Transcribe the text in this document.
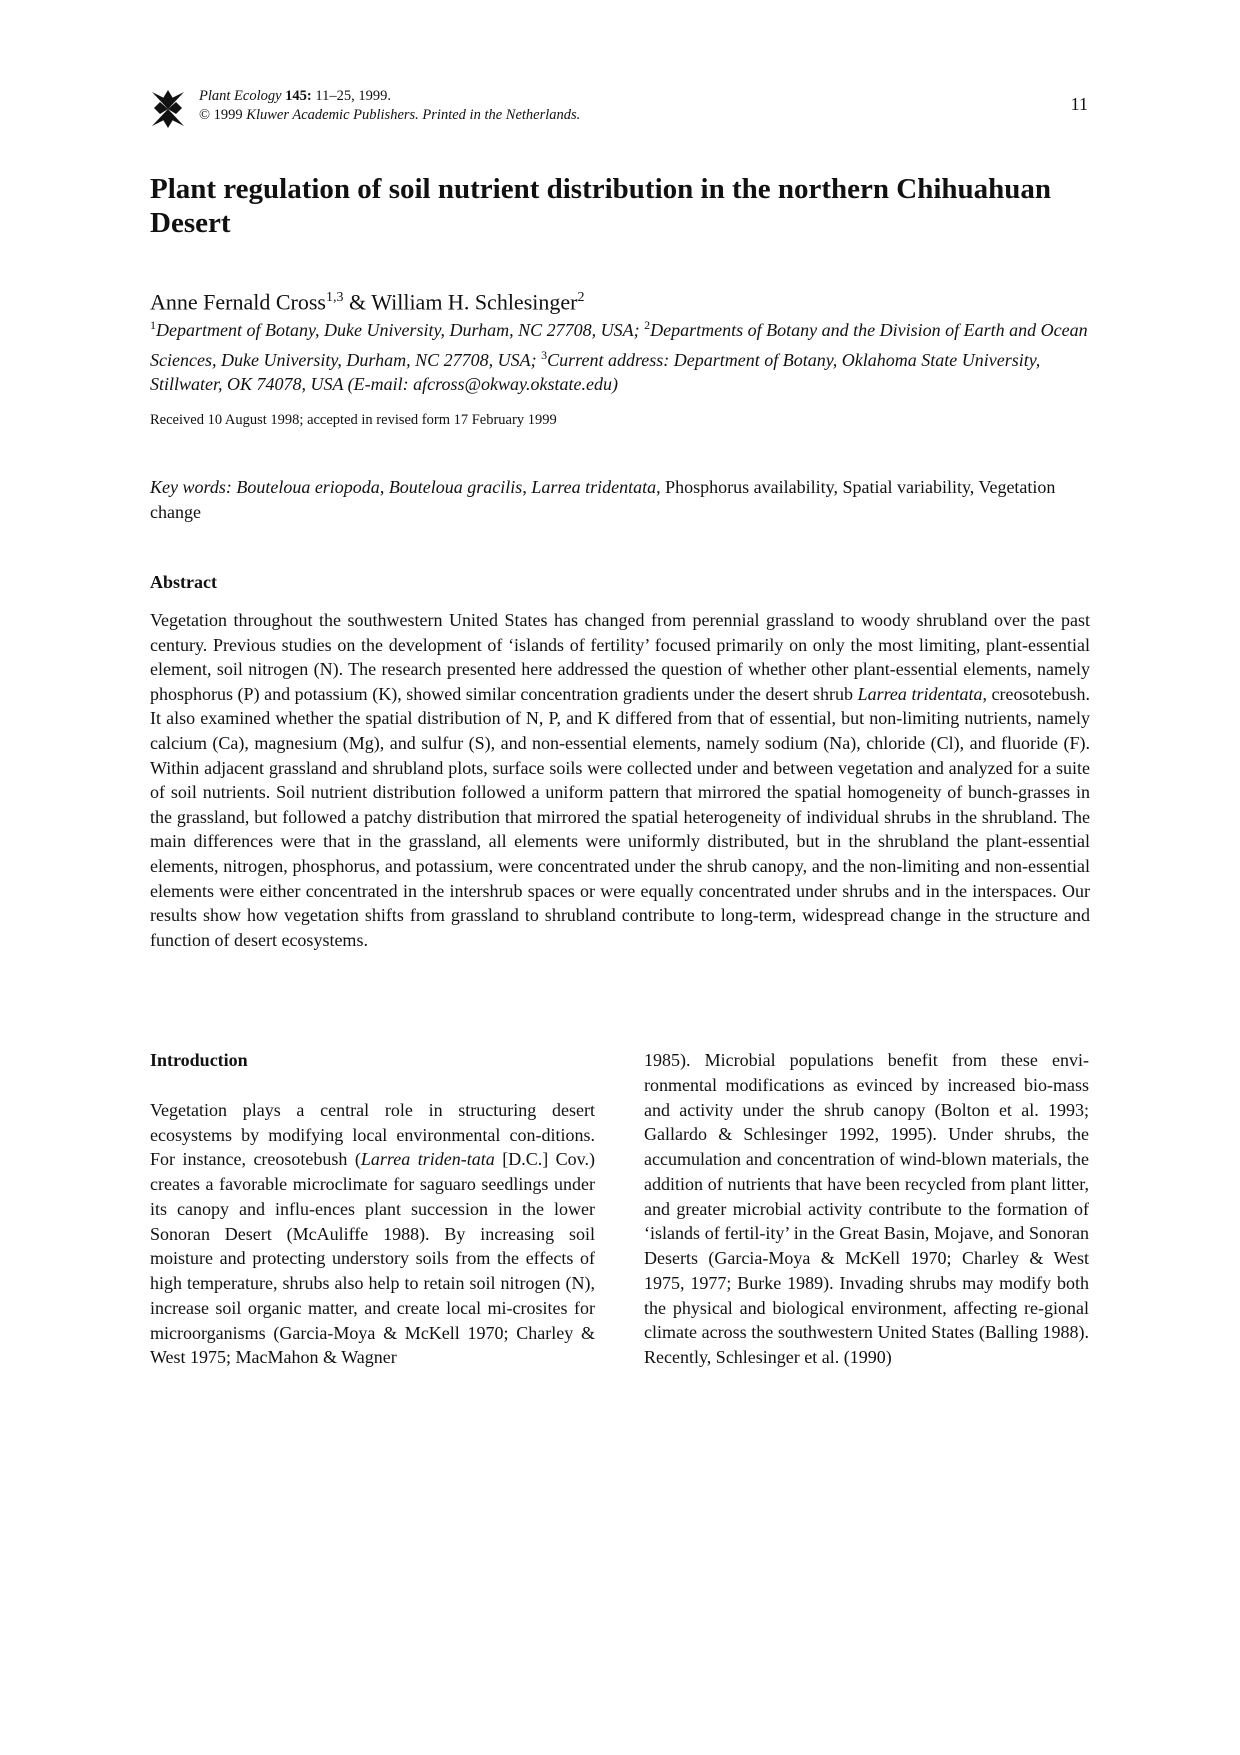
Plant Ecology 145: 11–25, 1999.
© 1999 Kluwer Academic Publishers. Printed in the Netherlands.
11
Plant regulation of soil nutrient distribution in the northern Chihuahuan Desert
Anne Fernald Cross$^{1,3}$ & William H. Schlesinger$^2$
$^1$Department of Botany, Duke University, Durham, NC 27708, USA; $^2$Departments of Botany and the Division of Earth and Ocean Sciences, Duke University, Durham, NC 27708, USA; $^3$Current address: Department of Botany, Oklahoma State University, Stillwater, OK 74078, USA (E-mail: afcross@okway.okstate.edu)
Received 10 August 1998; accepted in revised form 17 February 1999
Key words: Bouteloua eriopoda, Bouteloua gracilis, Larrea tridentata, Phosphorus availability, Spatial variability, Vegetation change
Abstract

Vegetation throughout the southwestern United States has changed from perennial grassland to woody shrubland over the past century. Previous studies on the development of ‘islands of fertility’ focused primarily on only the most limiting, plant-essential element, soil nitrogen (N). The research presented here addressed the question of whether other plant-essential elements, namely phosphorus (P) and potassium (K), showed similar concentration gradients under the desert shrub Larrea tridentata, creosotebush. It also examined whether the spatial distribution of N, P, and K differed from that of essential, but non-limiting nutrients, namely calcium (Ca), magnesium (Mg), and sulfur (S), and non-essential elements, namely sodium (Na), chloride (Cl), and fluoride (F). Within adjacent grassland and shrubland plots, surface soils were collected under and between vegetation and analyzed for a suite of soil nutrients. Soil nutrient distribution followed a uniform pattern that mirrored the spatial homogeneity of bunch-grasses in the grassland, but followed a patchy distribution that mirrored the spatial heterogeneity of individual shrubs in the shrubland. The main differences were that in the grassland, all elements were uniformly distributed, but in the shrubland the plant-essential elements, nitrogen, phosphorus, and potassium, were concentrated under the shrub canopy, and the non-limiting and non-essential elements were either concentrated in the intershrub spaces or were equally concentrated under shrubs and in the interspaces. Our results show how vegetation shifts from grassland to shrubland contribute to long-term, widespread change in the structure and function of desert ecosystems.

Introduction

Vegetation plays a central role in structuring desert ecosystems by modifying local environmental con-ditions. For instance, creosotebush (Larrea triden-tata [D.C.] Cov.) creates a favorable microclimate for saguaro seedlings under its canopy and influ-ences plant succession in the lower Sonoran Desert (McAuliffe 1988). By increasing soil moisture and protecting understory soils from the effects of high temperature, shrubs also help to retain soil nitrogen (N), increase soil organic matter, and create local mi-crosites for microorganisms (Garcia-Moya & McKell 1970; Charley & West 1975; MacMahon & Wagner

1985). Microbial populations benefit from these envi-ronmental modifications as evinced by increased bio-mass and activity under the shrub canopy (Bolton et al. 1993; Gallardo & Schlesinger 1992, 1995). Under shrubs, the accumulation and concentration of wind-blown materials, the addition of nutrients that have been recycled from plant litter, and greater microbial activity contribute to the formation of ‘islands of fertil-ity’ in the Great Basin, Mojave, and Sonoran Deserts (Garcia-Moya & McKell 1970; Charley & West 1975, 1977; Burke 1989). Invading shrubs may modify both the physical and biological environment, affecting re-gional climate across the southwestern United States (Balling 1988). Recently, Schlesinger et al. (1990)
